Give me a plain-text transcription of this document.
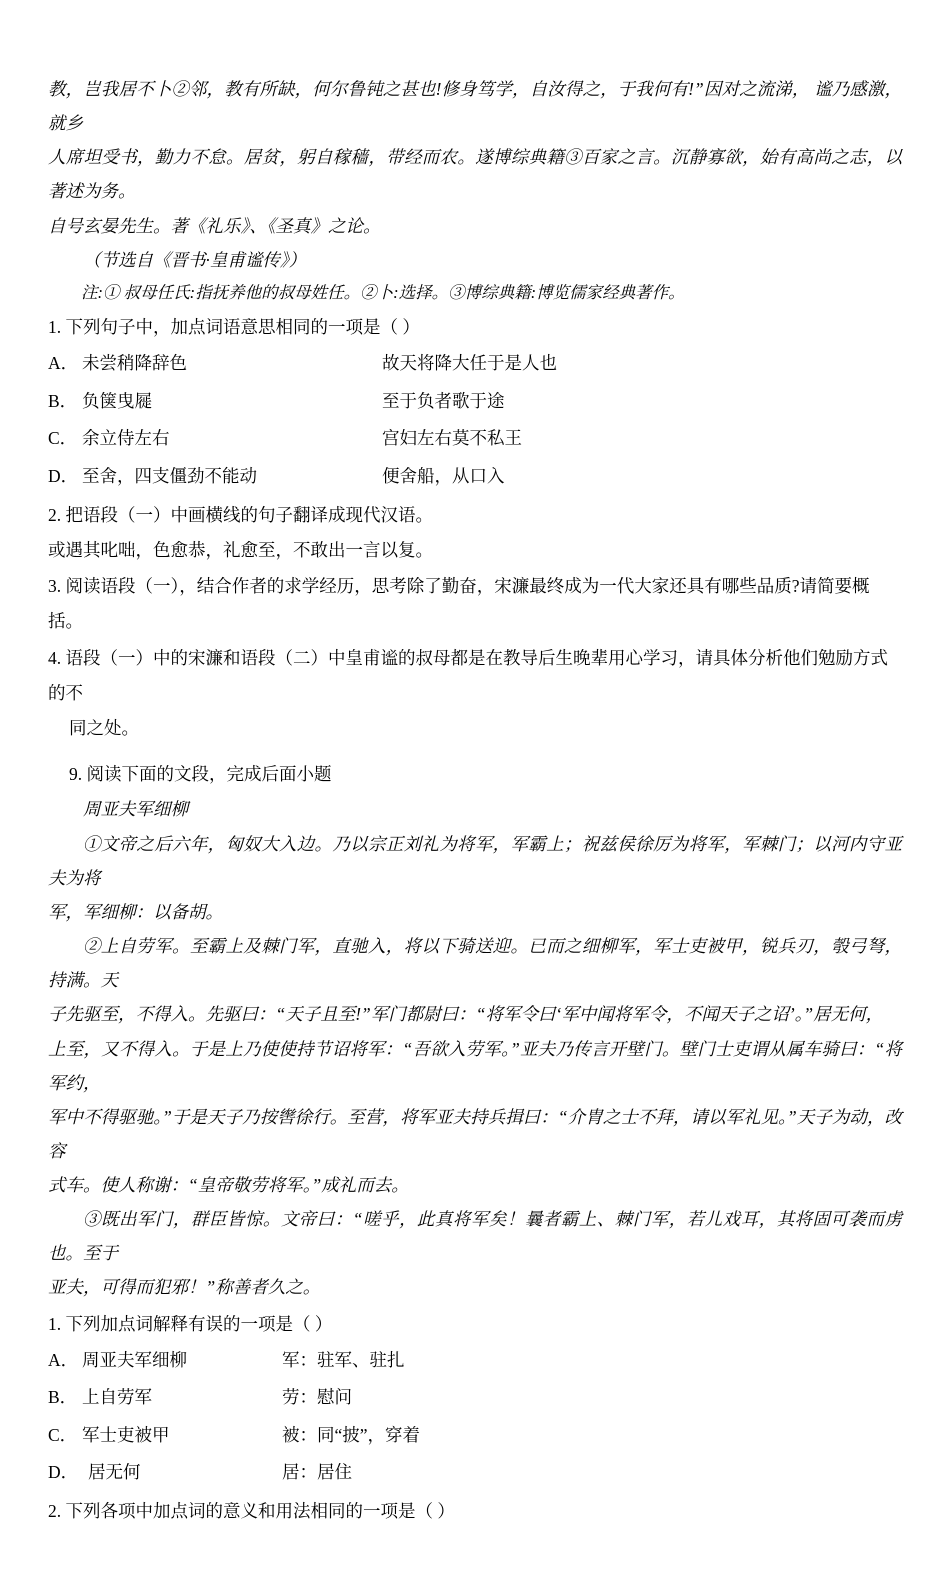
教，岂我居不卜②邻，教有所缺，何尔鲁钝之甚也!修身笃学，自汝得之，于我何有!”因对之流涕， 谧乃感激，就乡
人席坦受书，勤力不怠。居贫，躬自稼穑，带经而农。遂博综典籍③百家之言。沉静寡欲，始有高尚之志，以著述为务。
自号玄晏先生。著《礼乐》、《圣真》之论。
（节选自《晋书·皇甫谧传》）
注:① 叔母任氏:指抚养他的叔母姓任。②卜:选择。③博综典籍:博览儒家经典著作。
1. 下列句子中，加点词语意思相同的一项是（ ）
A． 未尝稍降辞色	故天将降大任于是人也
B． 负箧曳屣	至于负者歌于途
C． 余立侍左右	宫妇左右莫不私王
D． 至舍，四支僵劲不能动	便舍船，从口入
2. 把语段（一）中画横线的句子翻译成现代汉语。
或遇其叱咄，色愈恭，礼愈至，不敢出一言以复。
3. 阅读语段（一），结合作者的求学经历，思考除了勤奋，宋濂最终成为一代大家还具有哪些品质?请简要概括。
4. 语段（一）中的宋濂和语段（二）中皇甫谧的叔母都是在教导后生晚辈用心学习，请具体分析他们勉励方式的不
同之处。
9. 阅读下面的文段，完成后面小题
周亚夫军细柳
①文帝之后六年，匈奴大入边。乃以宗正刘礼为将军，军霸上；祝兹侯徐厉为将军，军棘门；以河内守亚夫为将
军，军细柳：以备胡。
②上自劳军。至霸上及棘门军，直驰入，将以下骑送迎。已而之细柳军，军士吏被甲，锐兵刃，彀弓弩，持满。天
子先驱至，不得入。先驱曰：“天子且至!”军门都尉曰：“将军令曰‘军中闻将军令，不闻天子之诏’。”居无何，
上至，又不得入。于是上乃使使持节诏将军：“吾欲入劳军。”亚夫乃传言开壁门。壁门士吏谓从属车骑曰：“将军约，
军中不得驱驰。”于是天子乃按辔徐行。至营，将军亚夫持兵揖曰：“介胄之士不拜，请以军礼见。”天子为动，改容
式车。使人称谢：“皇帝敬劳将军。”成礼而去。
③既出军门，群臣皆惊。文帝曰：“嗟乎，此真将军矣！曩者霸上、棘门军，若儿戏耳，其将固可袭而虏也。至于
亚夫，可得而犯邪！”称善者久之。
1. 下列加点词解释有误的一项是（ ）
A． 周亚夫军细柳	军：驻军、驻扎
B． 上自劳军	劳：慰问
C． 军士吏被甲	被：同“披”，穿着
D． 居无何	居：居住
2. 下列各项中加点词的意义和用法相同的一项是（ ）
